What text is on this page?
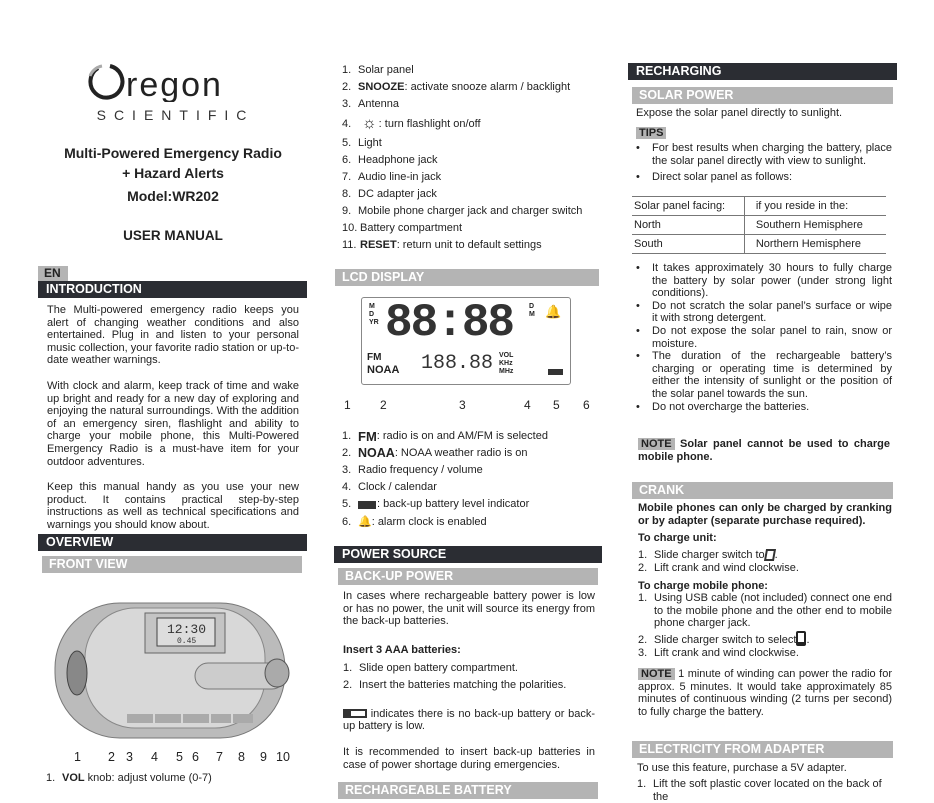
regon
SCIENTIFIC
Multi-Powered Emergency Radio
+ Hazard Alerts
Model:WR202
USER MANUAL
EN
INTRODUCTION

The Multi-powered emergency radio keeps you alert of changing weather conditions and also entertained. Plug in and listen to your personal music collection, your favorite radio station or up-to-date weather warnings.

With clock and alarm, keep track of time and wake up bright and ready for a new day of exploring and enjoying the natural surroundings. With the addition of an emergency siren, flashlight and ability to charge your mobile phone, this Multi-Powered Emergency Radio is a must-have item for your outdoor adventures.

Keep this manual handy as you use your new product. It contains practical step-by-step instructions as well as technical specifications and warnings you should know about.

OVERVIEW
FRONT VIEW
12:30
0.45
1 2 3 4 5 6 7 8 9 10
1. VOL knob: adjust volume (0-7)
1. Solar panel
2. SNOOZE : activate snooze alarm / backlight
3. Antenna
4. ☼ : turn flashlight on/off
5. Light
6. Headphone jack
7. Audio line-in jack
8. DC adapter jack
9. Mobile phone charger jack and charger switch
10. Battery compartment
11. RESET : return unit to default settings
LCD DISPLAY
M D YR 88:88 D M 🔔
FM
NOAA 188.88 VOL
KHz
MHz
1 2	3	4 5 6
1. FM : radio is on and AM/FM is selected
2. NOAA : NOAA weather radio is on
3. Radio frequency / volume
4. Clock / calendar
5.	: back-up battery level indicator
6. 🔔 : alarm clock is enabled
POWER SOURCE
BACK-UP POWER

In cases where rechargeable battery power is low or has no power, the unit will source its energy from the back-up batteries.

Insert 3 AAA batteries:
1. Slide open battery compartment.
2. Insert the batteries matching the polarities.

indicates there is no back-up battery or back-up battery is low.

It is recommended to insert back-up batteries in case of power shortage during emergencies.

RECHARGEABLE BATTERY
RECHARGING
SOLAR POWER
Expose the solar panel directly to sunlight.
TIPS
•	For best results when charging the battery, place the solar panel directly with view to sunlight.
•	Direct solar panel as follows:
Solar panel facing:	if you reside in the:
North	Southern Hemisphere
South	Northern Hemisphere
•	It takes approximately 30 hours to fully charge the battery by solar power (under strong light conditions).
•	Do not scratch the solar panel’s surface or wipe it with strong detergent.
•	Do not expose the solar panel to rain, snow or moisture.
•	The duration of the rechargeable battery’s charging or operating time is determined by either the intensity of sunlight or the position of the solar panel towards the sun.
•	Do not overcharge the batteries.

NOTE Solar panel cannot be used to charge mobile phone.

CRANK

Mobile phones can only be charged by cranking or by adapter (separate purchase required).

To charge unit:
1. Slide charger switch to .
2. Lift crank and wind clockwise.
To charge mobile phone:
1. Using USB cable (not included) connect one end to the mobile phone and the other end to mobile phone charger jack.
2. Slide charger switch to select .
3. Lift crank and wind clockwise.

NOTE 1 minute of winding can power the radio for approx. 5 minutes. It would take approximately 85 minutes of continuous winding (2 turns per second) to fully charge the battery.

ELECTRICITY FROM ADAPTER
To use this feature, purchase a 5V adapter.
1. Lift the soft plastic cover located on the back of the
